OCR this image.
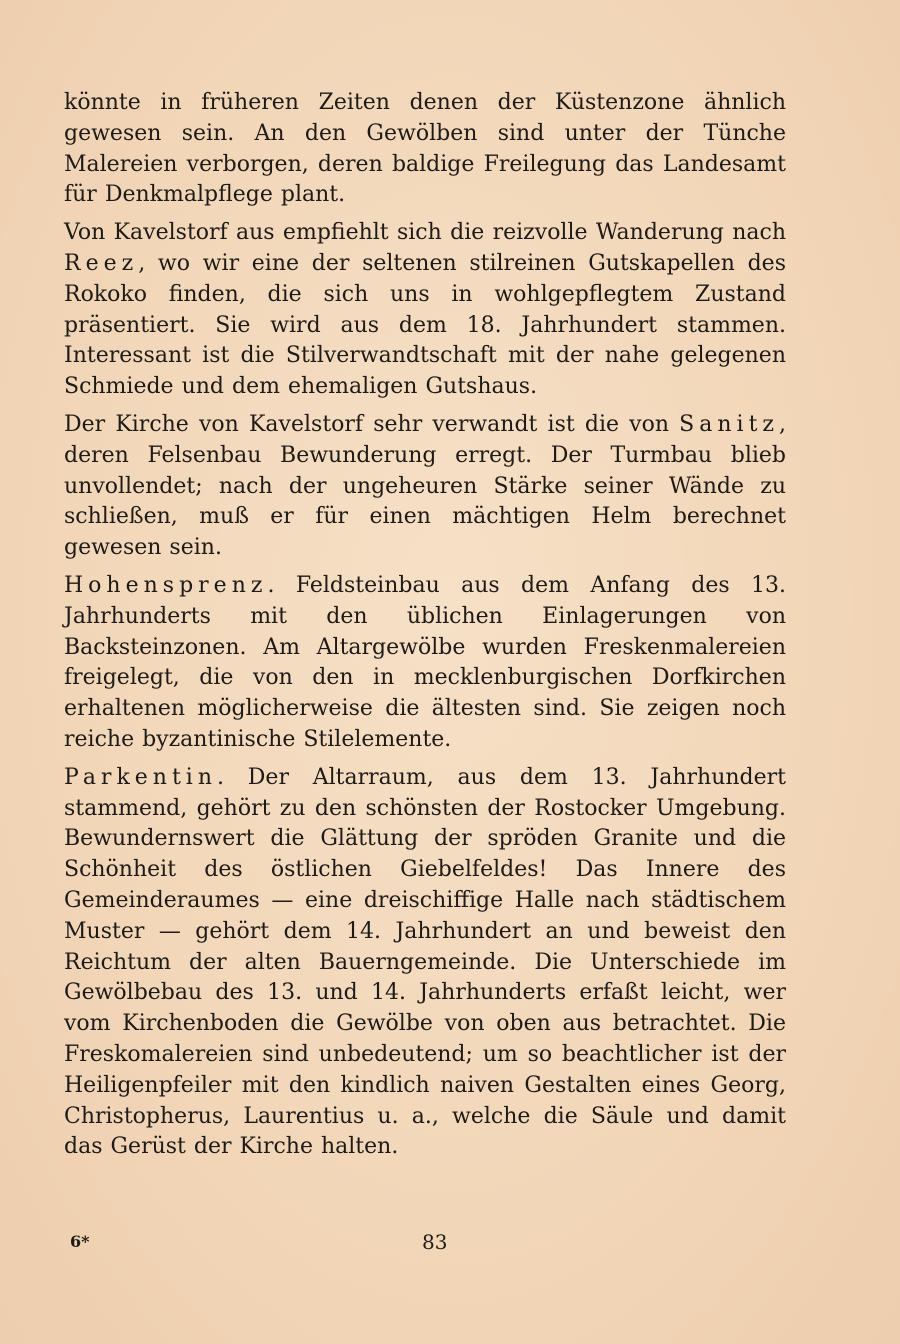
könnte in früheren Zeiten denen der Küstenzone ähnlich gewesen sein. An den Gewölben sind unter der Tünche Malereien verborgen, deren baldige Freilegung das Landesamt für Denkmalpflege plant.

Von Kavelstorf aus empfiehlt sich die reizvolle Wanderung nach Reez, wo wir eine der seltenen stilreinen Gutskapellen des Rokoko finden, die sich uns in wohlgepflegtem Zustand präsentiert. Sie wird aus dem 18. Jahrhundert stammen. Interessant ist die Stilverwandtschaft mit der nahe gelegenen Schmiede und dem ehemaligen Gutshaus.

Der Kirche von Kavelstorf sehr verwandt ist die von Sanitz, deren Felsenbau Bewunderung erregt. Der Turmbau blieb unvollendet; nach der ungeheuren Stärke seiner Wände zu schließen, muß er für einen mächtigen Helm berechnet gewesen sein.

Hohensprenz. Feldsteinbau aus dem Anfang des 13. Jahrhunderts mit den üblichen Einlagerungen von Backsteinzonen. Am Altargewölbe wurden Freskenmalereien freigelegt, die von den in mecklenburgischen Dorfkirchen erhaltenen möglicherweise die ältesten sind. Sie zeigen noch reiche byzantinische Stilelemente.

Parkentin. Der Altarraum, aus dem 13. Jahrhundert stammend, gehört zu den schönsten der Rostocker Umgebung. Bewundernswert die Glättung der spröden Granite und die Schönheit des östlichen Giebelfeldes! Das Innere des Gemeinderaumes — eine dreischiffige Halle nach städtischem Muster — gehört dem 14. Jahrhundert an und beweist den Reichtum der alten Bauerngemeinde. Die Unterschiede im Gewölbebau des 13. und 14. Jahrhunderts erfaßt leicht, wer vom Kirchenboden die Gewölbe von oben aus betrachtet. Die Freskomalereien sind unbedeutend; um so beachtlicher ist der Heiligenpfeiler mit den kindlich naiven Gestalten eines Georg, Christopherus, Laurentius u. a., welche die Säule und damit das Gerüst der Kirche halten.

6*	83
